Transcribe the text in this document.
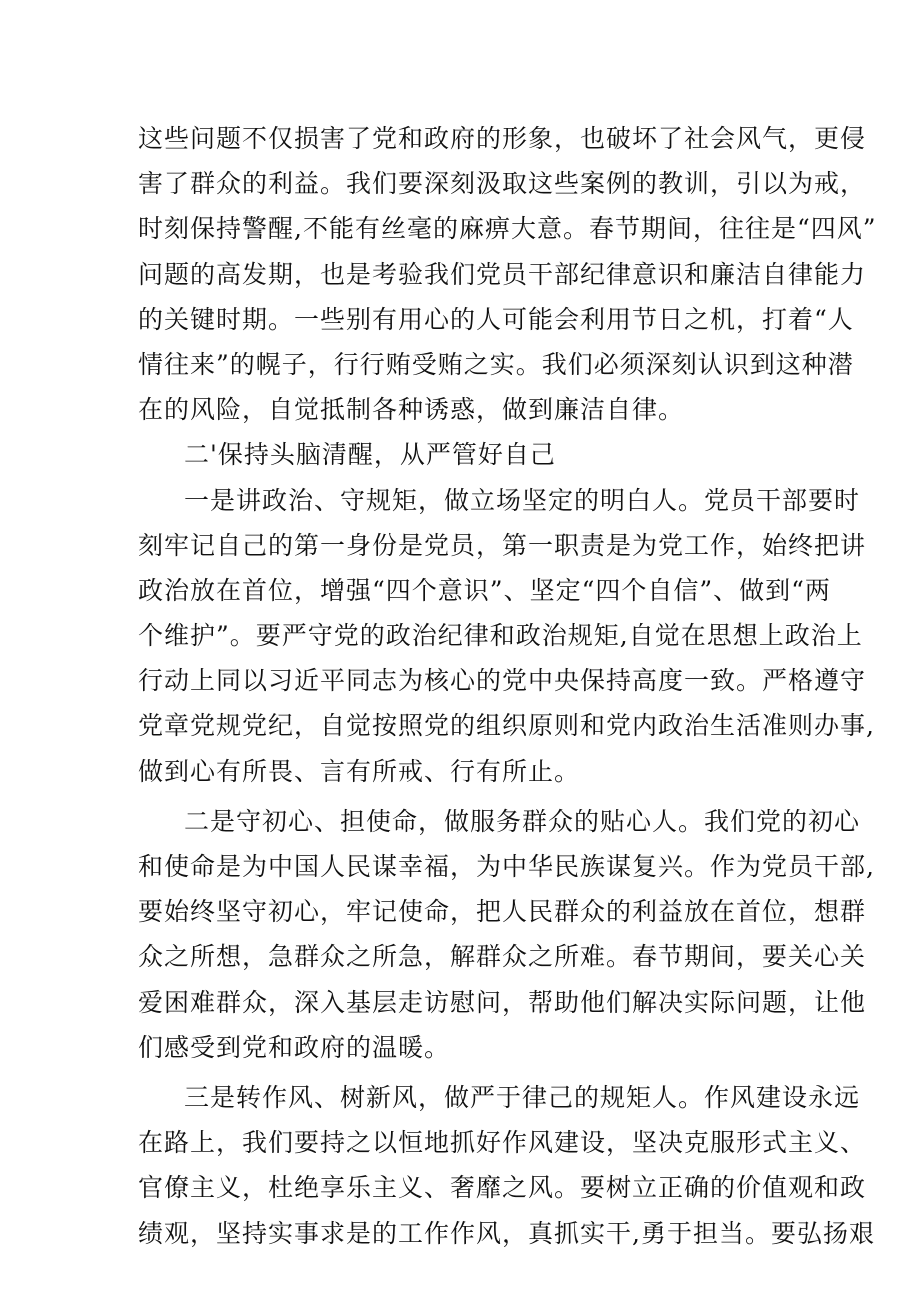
这些问题不仅损害了党和政府的形象，也破坏了社会风气，更侵
害了群众的利益。我们要深刻汲取这些案例的教训，引以为戒，
时刻保持警醒,不能有丝毫的麻痹大意。春节期间，往往是“四风”
问题的高发期，也是考验我们党员干部纪律意识和廉洁自律能力
的关键时期。一些别有用心的人可能会利用节日之机，打着“人
情往来”的幌子，行行贿受贿之实。我们必须深刻认识到这种潜
在的风险，自觉抵制各种诱惑，做到廉洁自律。
二'保持头脑清醒，从严管好自己
一是讲政治、守规矩，做立场坚定的明白人。党员干部要时
刻牢记自己的第一身份是党员，第一职责是为党工作，始终把讲
政治放在首位，增强“四个意识”、坚定“四个自信”、做到“两
个维护”。要严守党的政治纪律和政治规矩,自觉在思想上政治上
行动上同以习近平同志为核心的党中央保持高度一致。严格遵守
党章党规党纪，自觉按照党的组织原则和党内政治生活准则办事,
做到心有所畏、言有所戒、行有所止。
二是守初心、担使命，做服务群众的贴心人。我们党的初心
和使命是为中国人民谋幸福，为中华民族谋复兴。作为党员干部,
要始终坚守初心，牢记使命，把人民群众的利益放在首位，想群
众之所想，急群众之所急，解群众之所难。春节期间，要关心关
爱困难群众，深入基层走访慰问，帮助他们解决实际问题，让他
们感受到党和政府的温暖。
三是转作风、树新风，做严于律己的规矩人。作风建设永远
在路上，我们要持之以恒地抓好作风建设，坚决克服形式主义、
官僚主义，杜绝享乐主义、奢靡之风。要树立正确的价值观和政
绩观，坚持实事求是的工作作风，真抓实干,勇于担当。要弘扬艰
